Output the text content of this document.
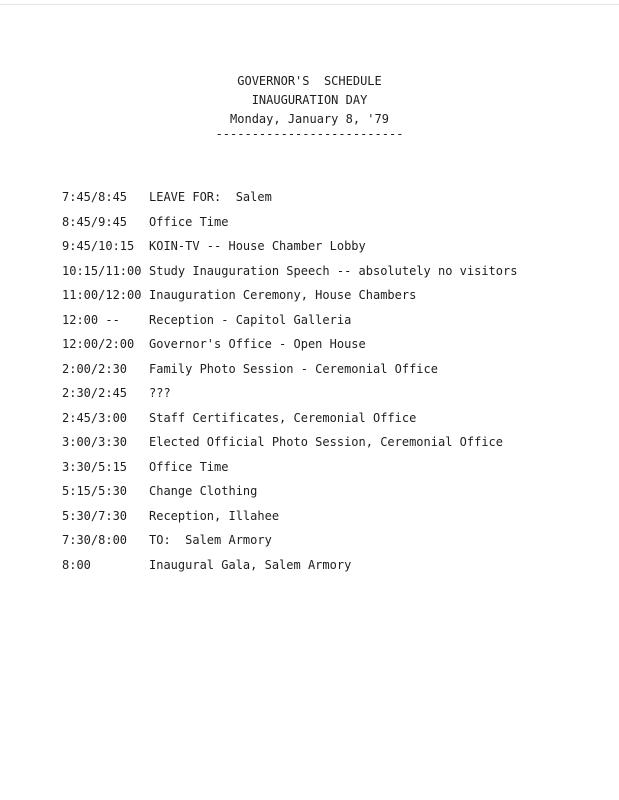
GOVERNOR'S  SCHEDULE
INAUGURATION DAY
Monday, January 8, '79
--------------------------

7:45/8:45

LEAVE FOR:  Salem

8:45/9:45

Office Time

9:45/10:15

KOIN-TV -- House Chamber Lobby

10:15/11:00

Study Inauguration Speech -- absolutely no visitors

11:00/12:00

Inauguration Ceremony, House Chambers

12:00 --

Reception - Capitol Galleria

12:00/2:00

Governor's Office - Open House

2:00/2:30

Family Photo Session - Ceremonial Office

2:30/2:45

???

2:45/3:00

Staff Certificates, Ceremonial Office

3:00/3:30

Elected Official Photo Session, Ceremonial Office

3:30/5:15

Office Time

5:15/5:30

Change Clothing

5:30/7:30

Reception, Illahee

7:30/8:00

TO:  Salem Armory

8:00

	Inaugural Gala, Salem Armory
